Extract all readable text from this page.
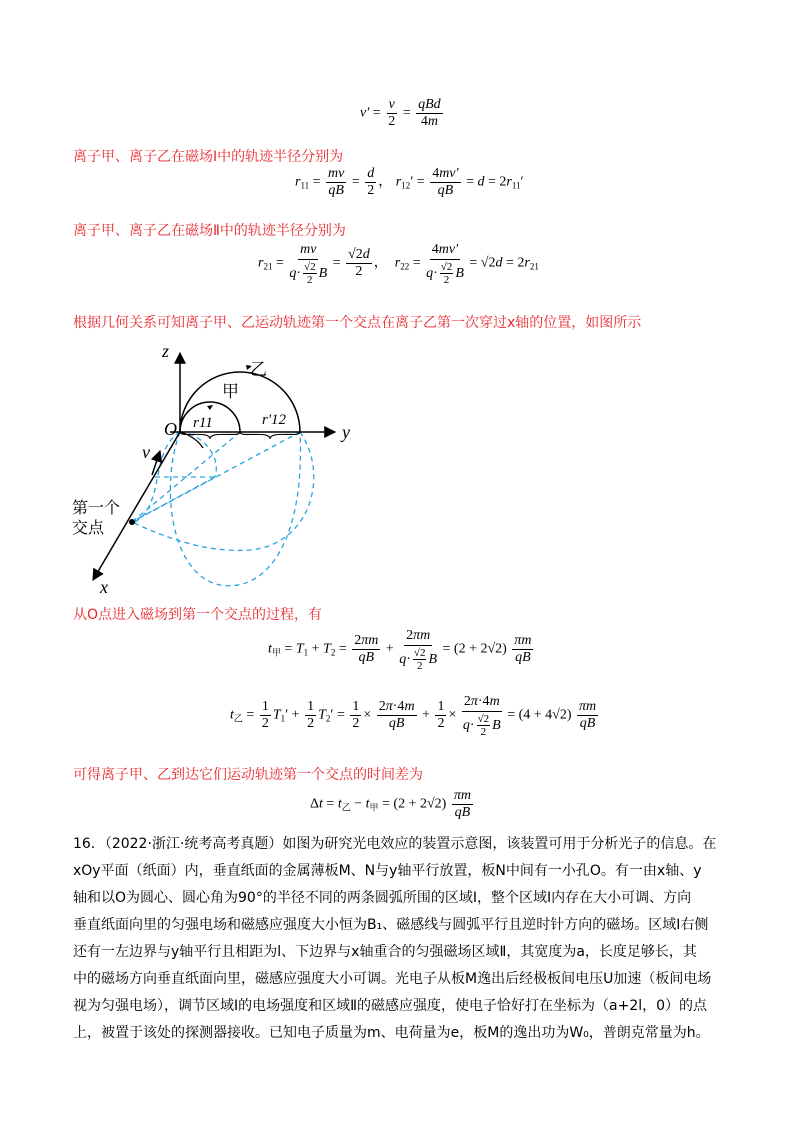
$v' = \frac{v}{2} = \frac{\text{qBd}}{4m}$
离子甲、离子乙在磁场Ⅰ中的轨迹半径分别为
$r_{11} = \frac{mv}{qB} = \frac{d}{2}$ ， $r_{12}' = \frac{4mv'}{qB} = d = 2r_{11}'$
离子甲、离子乙在磁场Ⅱ中的轨迹半径分别为
$r_{21} = \frac{mv}{q \cdot \frac{√2}{2} B} = \frac{√2d}{2}$ ，  $r_{22} = \frac{4mv'}{q \cdot \frac{√2}{2} B} = √2d = 2r_{21}$
根据几何关系可知离子甲、乙运动轨迹第一个交点在离子乙第一次穿过x轴的位置，如图所示
z
y
x
O
甲
乙
r11	r'12
v
第一个
交点
从O点进入磁场到第一个交点的过程，有
$t_甲 = T_1 + T_2 = \frac{2\pi m}{qB} + \frac{2\pi m}{q \cdot \frac{√2}{2} B} = (2 + 2√2) \frac{\pi m}{qB}$
$t_乙 = \frac{1}{2} T_1' + \frac{1}{2} T_2' = \frac{1}{2} \times \frac{2\pi\cdot 4m}{qB} + \frac{1}{2} \times \frac{2\pi\cdot 4m}{q \cdot \frac{√2}{2} B} = (4 + 4√2) \frac{\pi m}{qB}$
可得离子甲、乙到达它们运动轨迹第一个交点的时间差为
$\Delta t = t_乙 - t_甲 = (2 + 2√2) \frac{\pi m}{qB}$
16．（2022·浙江·统考高考真题）如图为研究光电效应的装置示意图，该装置可用于分析光子的信息。在
xOy平面（纸面）内，垂直纸面的金属薄板M、N与y轴平行放置，板N中间有一小孔O。有一由x轴、y
轴和以O为圆心、圆心角为90°的半径不同的两条圆弧所围的区域Ⅰ，整个区域Ⅰ内存在大小可调、方向
垂直纸面向里的匀强电场和磁感应强度大小恒为B₁、磁感线与圆弧平行且逆时针方向的磁场。区域Ⅰ右侧
还有一左边界与y轴平行且相距为l、下边界与x轴重合的匀强磁场区域Ⅱ，其宽度为a，长度足够长，其
中的磁场方向垂直纸面向里，磁感应强度大小可调。光电子从板M逸出后经极板间电压U加速（板间电场
视为匀强电场），调节区域Ⅰ的电场强度和区域Ⅱ的磁感应强度，使电子恰好打在坐标为（a+2l，0）的点
上，被置于该处的探测器接收。已知电子质量为m、电荷量为e，板M的逸出功为W₀，普朗克常量为h。
